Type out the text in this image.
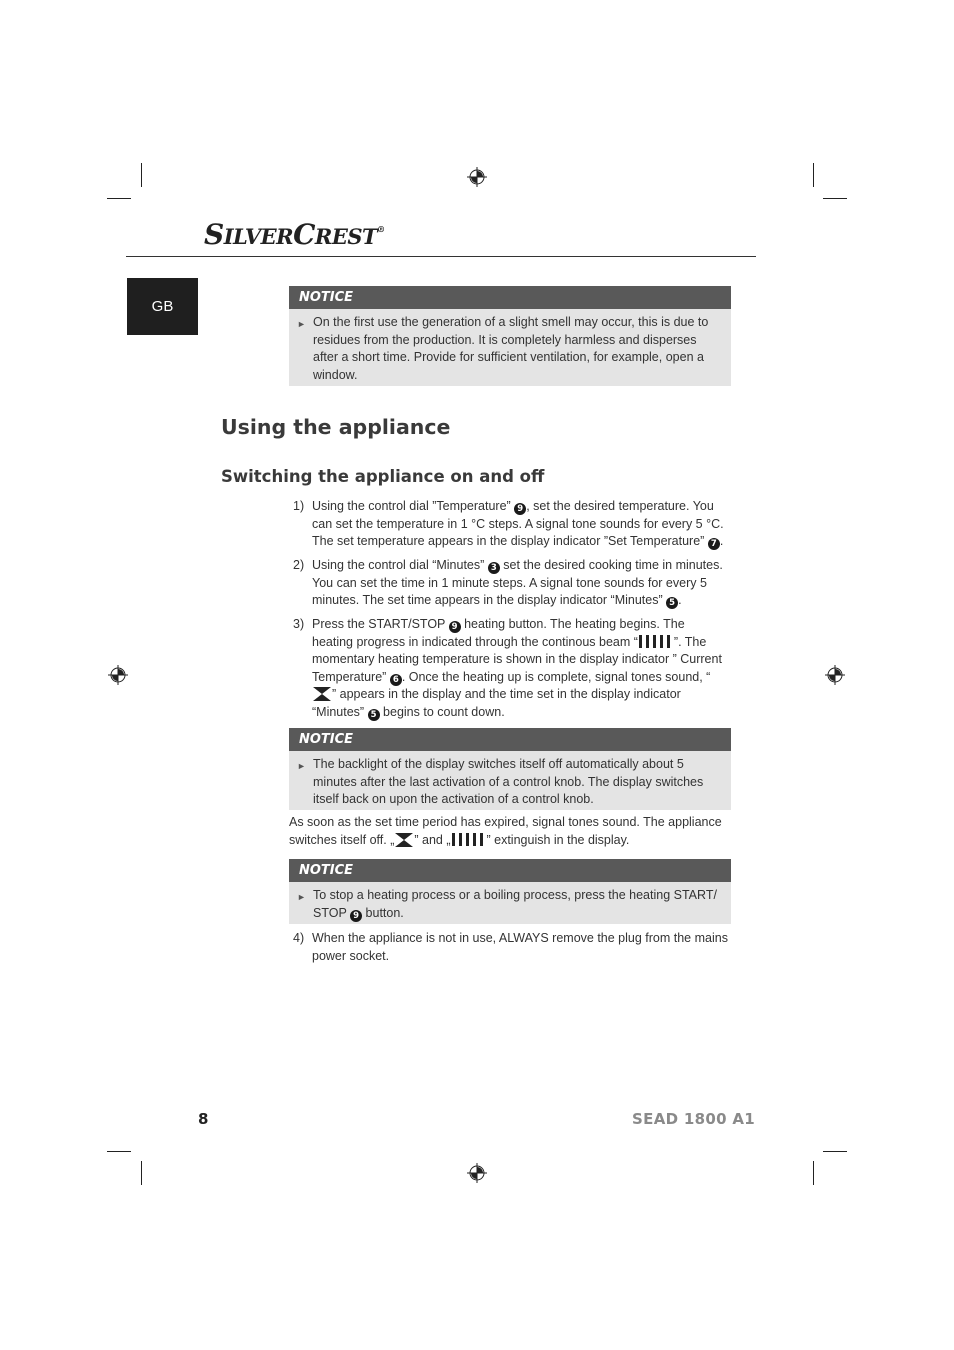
SILVERCREST®
GB
NOTICE
► On the first use the generation of a slight smell may occur, this is due to residues from the production. It is completely harmless and disperses after a short time. Provide for sufficient ventilation, for example, open a window.
Using the appliance
Switching the appliance on and off
1) Using the control dial ”Temperature” 9 , set the desired temperature. You can set the temperature in 1 °C steps. A signal tone sounds for every 5 °C. The set temperature appears in the display indicator ”Set Temperature” 7 .
2) Using the control dial “Minutes” 3 set the desired cooking time in minutes. You can set the time in 1 minute steps. A signal tone sounds for every 5 minutes. The set time appears in the display indicator “Minutes” 5 .
3) Press the START/STOP 9 heating button. The heating begins. The heating progress in indicated through the continous beam “	”. The momentary heating temperature is shown in the display indicator ” Current Temperature” 6 . Once the heating up is complete, signal tones sound, “” appears in the display and the time set in the display indicator “Minutes” 5 begins to count down.
NOTICE
► The backlight of the display switches itself off automatically about 5 minutes after the last activation of a control knob. The display switches itself back on upon the activation of a control knob.
As soon as the set time period has expired, signal tones sound. The appliance switches itself off. „ ” and „	” extinguish in the display.
NOTICE
► To stop a heating process or a boiling process, press the heating START/ STOP 9 button.
4) When the appliance is not in use, ALWAYS remove the plug from the mains power socket.
8	SEAD 1800 A1
